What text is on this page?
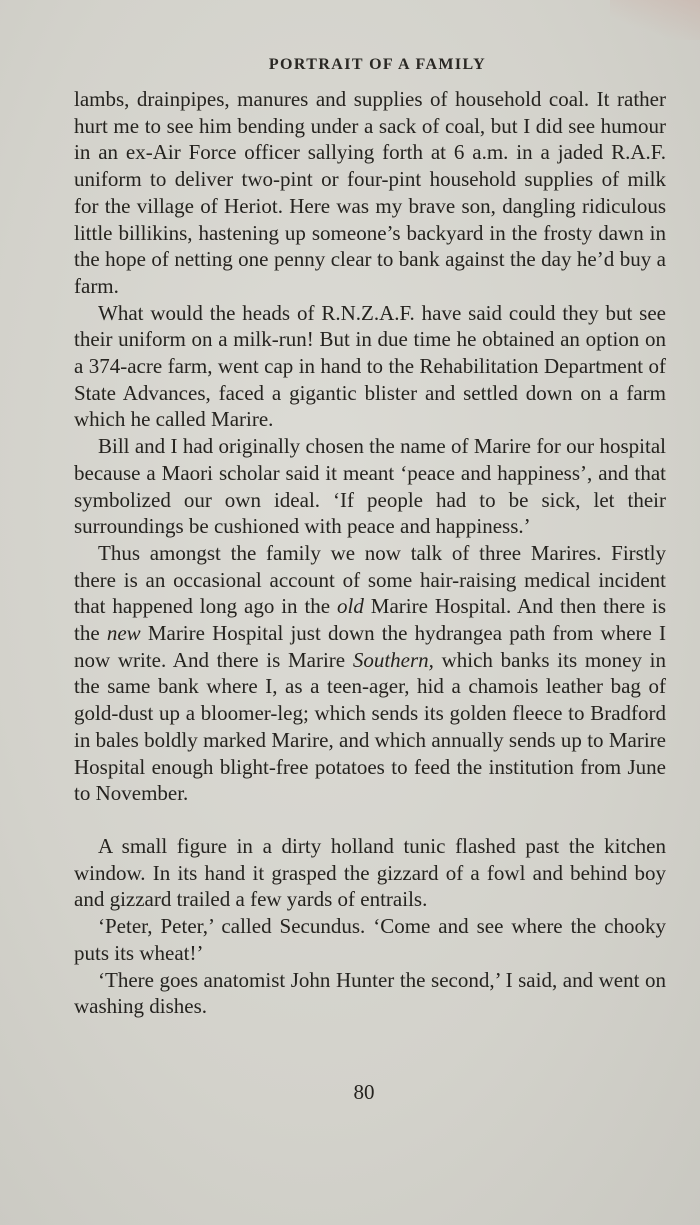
PORTRAIT OF A FAMILY

lambs, drainpipes, manures and supplies of household coal. It rather hurt me to see him bending under a sack of coal, but I did see humour in an ex-Air Force officer sallying forth at 6 a.m. in a jaded R.A.F. uniform to deliver two-pint or four-pint household supplies of milk for the village of Heriot. Here was my brave son, dangling ridiculous little billikins, hastening up someone’s backyard in the frosty dawn in the hope of netting one penny clear to bank against the day he’d buy a farm.

What would the heads of R.N.Z.A.F. have said could they but see their uniform on a milk-run! But in due time he obtained an option on a 374-acre farm, went cap in hand to the Rehabilitation Department of State Advances, faced a gigantic blister and settled down on a farm which he called Marire.

Bill and I had originally chosen the name of Marire for our hospital because a Maori scholar said it meant ‘peace and happiness’, and that symbolized our own ideal. ‘If people had to be sick, let their surroundings be cushioned with peace and happiness.’

Thus amongst the family we now talk of three Marires. Firstly there is an occasional account of some hair-raising medical incident that happened long ago in the old Marire Hospital. And then there is the new Marire Hospital just down the hydrangea path from where I now write. And there is Marire Southern, which banks its money in the same bank where I, as a teen-ager, hid a chamois leather bag of gold-dust up a bloomer-leg; which sends its golden fleece to Bradford in bales boldly marked Marire, and which annually sends up to Marire Hospital enough blight-free potatoes to feed the institution from June to November.

A small figure in a dirty holland tunic flashed past the kitchen window. In its hand it grasped the gizzard of a fowl and behind boy and gizzard trailed a few yards of entrails.

‘Peter, Peter,’ called Secundus. ‘Come and see where the chooky puts its wheat!’

‘There goes anatomist John Hunter the second,’ I said, and went on washing dishes.

80
